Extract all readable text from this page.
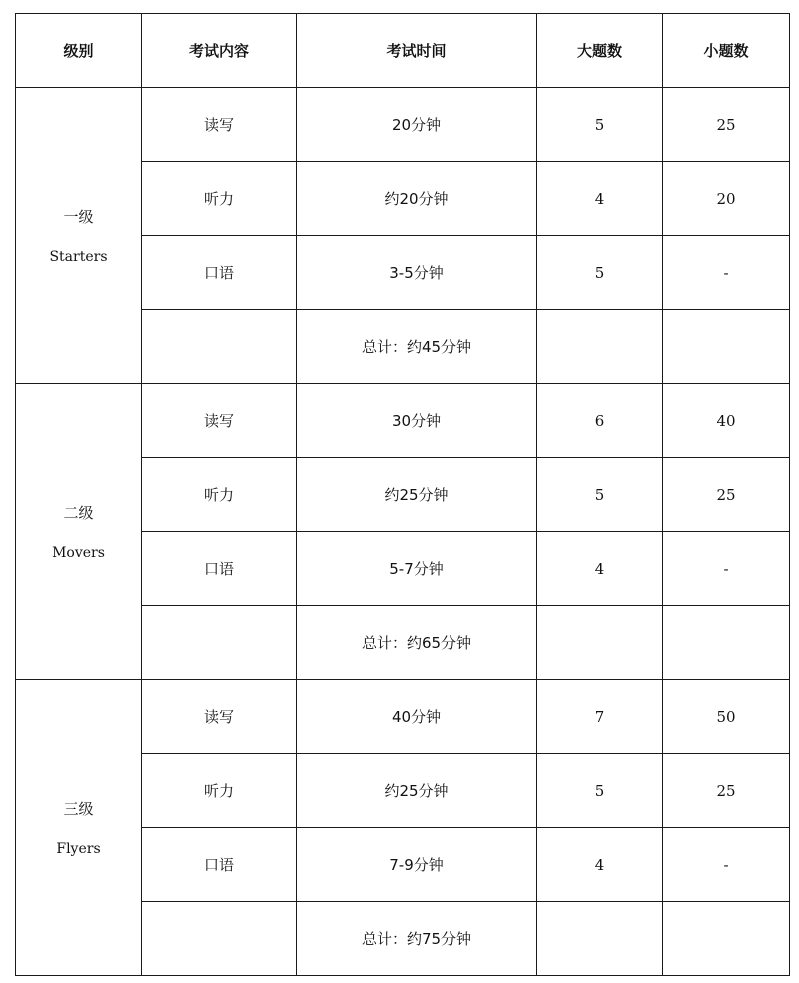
级别	考试内容	考试时间	大题数	小题数

一级
Starters	读写	20分钟	5	25
	听力	约20分钟	4	20
	口语	3-5分钟	5	-
		总计：约45分钟		

二级
Movers	读写	30分钟	6	40
	听力	约25分钟	5	25
	口语	5-7分钟	4	-
		总计：约65分钟		

三级
Flyers	读写	40分钟	7	50
	听力	约25分钟	5	25
	口语	7-9分钟	4	-
		总计：约75分钟		
